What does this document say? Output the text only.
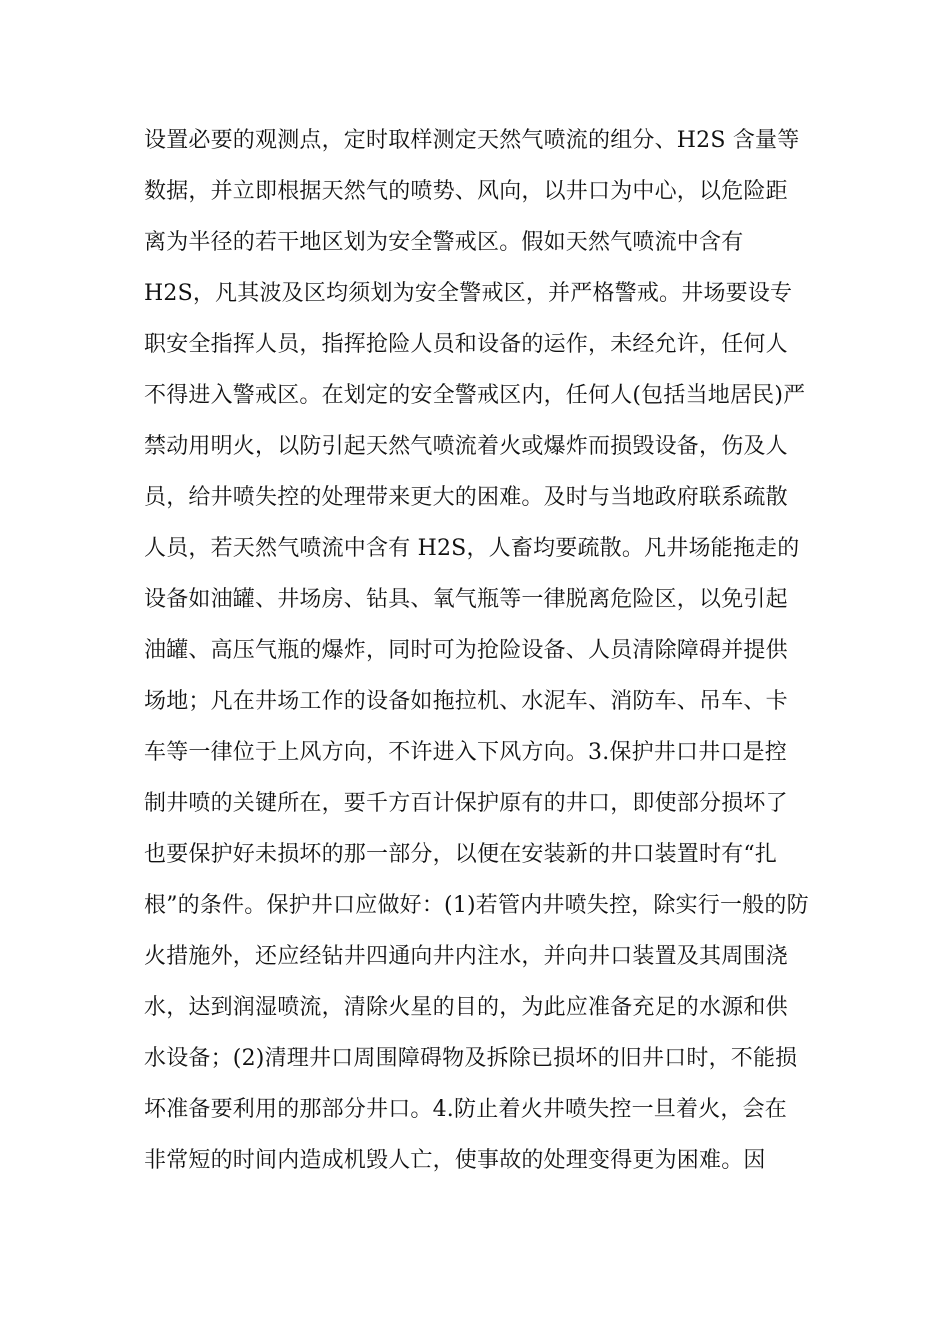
设置必要的观测点，定时取样测定天然气喷流的组分、H2S 含量等
数据，并立即根据天然气的喷势、风向，以井口为中心，以危险距
离为半径的若干地区划为安全警戒区。假如天然气喷流中含有
H2S，凡其波及区均须划为安全警戒区，并严格警戒。井场要设专
职安全指挥人员，指挥抢险人员和设备的运作，未经允许，任何人
不得进入警戒区。在划定的安全警戒区内，任何人(包括当地居民)严
禁动用明火，以防引起天然气喷流着火或爆炸而损毁设备，伤及人
员，给井喷失控的处理带来更大的困难。及时与当地政府联系疏散
人员，若天然气喷流中含有 H2S，人畜均要疏散。凡井场能拖走的
设备如油罐、井场房、钻具、氧气瓶等一律脱离危险区，以免引起
油罐、高压气瓶的爆炸，同时可为抢险设备、人员清除障碍并提供
场地；凡在井场工作的设备如拖拉机、水泥车、消防车、吊车、卡
车等一律位于上风方向，不许进入下风方向。3.保护井口井口是控
制井喷的关键所在，要千方百计保护原有的井口，即使部分损坏了
也要保护好未损坏的那一部分，以便在安装新的井口装置时有“扎
根”的条件。保护井口应做好：(1)若管内井喷失控，除实行一般的防
火措施外，还应经钻井四通向井内注水，并向井口装置及其周围浇
水，达到润湿喷流，清除火星的目的，为此应准备充足的水源和供
水设备；(2)清理井口周围障碍物及拆除已损坏的旧井口时，不能损
坏准备要利用的那部分井口。4.防止着火井喷失控一旦着火，会在
非常短的时间内造成机毁人亡，使事故的处理变得更为困难。因
